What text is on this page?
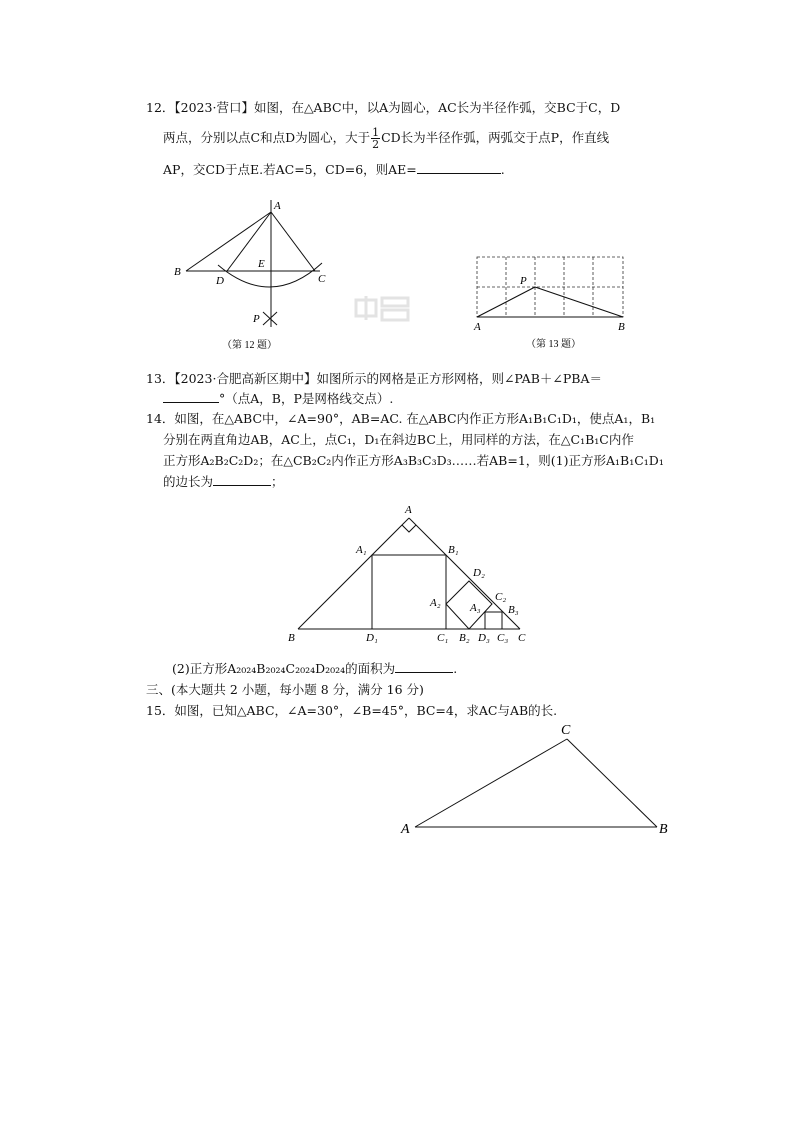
12．【2023·营口】如图，在△ABC中，以A为圆心，AC长为半径作弧，交BC于C，D
两点，分别以点C和点D为圆心，大于 $\frac{1}{2}$ CD长为半径作弧，两弧交于点P，作直线
AP，交CD于点E.若AC=5，CD=6，则AE=	.
A
B
C
D
E
P
（第 12 题）
A	B
P
（第 13 题）
13．【2023·合肥高新区期中】如图所示的网格是正方形网格，则∠PAB＋∠PBA＝
°（点A，B，P是网格线交点）.
14．如图，在△ABC中，∠A=90°，AB=AC. 在△ABC内作正方形A₁B₁C₁D₁，使点A₁，B₁
分别在两直角边AB，AC上，点C₁，D₁在斜边BC上，用同样的方法，在△C₁B₁C内作
正方形A₂B₂C₂D₂；在△CB₂C₂内作正方形A₃B₃C₃D₃……若AB=1，则(1)正方形A₁B₁C₁D₁
的边长为	；
A
B	C
A₁	B₁
C₁
D₁
A₂
B₂
D₂
A₃ B₃
C₂
D₃ C₃
(2)正方形A₂₀₂₄B₂₀₂₄C₂₀₂₄D₂₀₂₄的面积为	.
三、(本大题共 2 小题，每小题 8 分，满分 16 分)
15．如图，已知△ABC，∠A=30°，∠B=45°，BC=4，求AC与AB的长.
A	B
C
